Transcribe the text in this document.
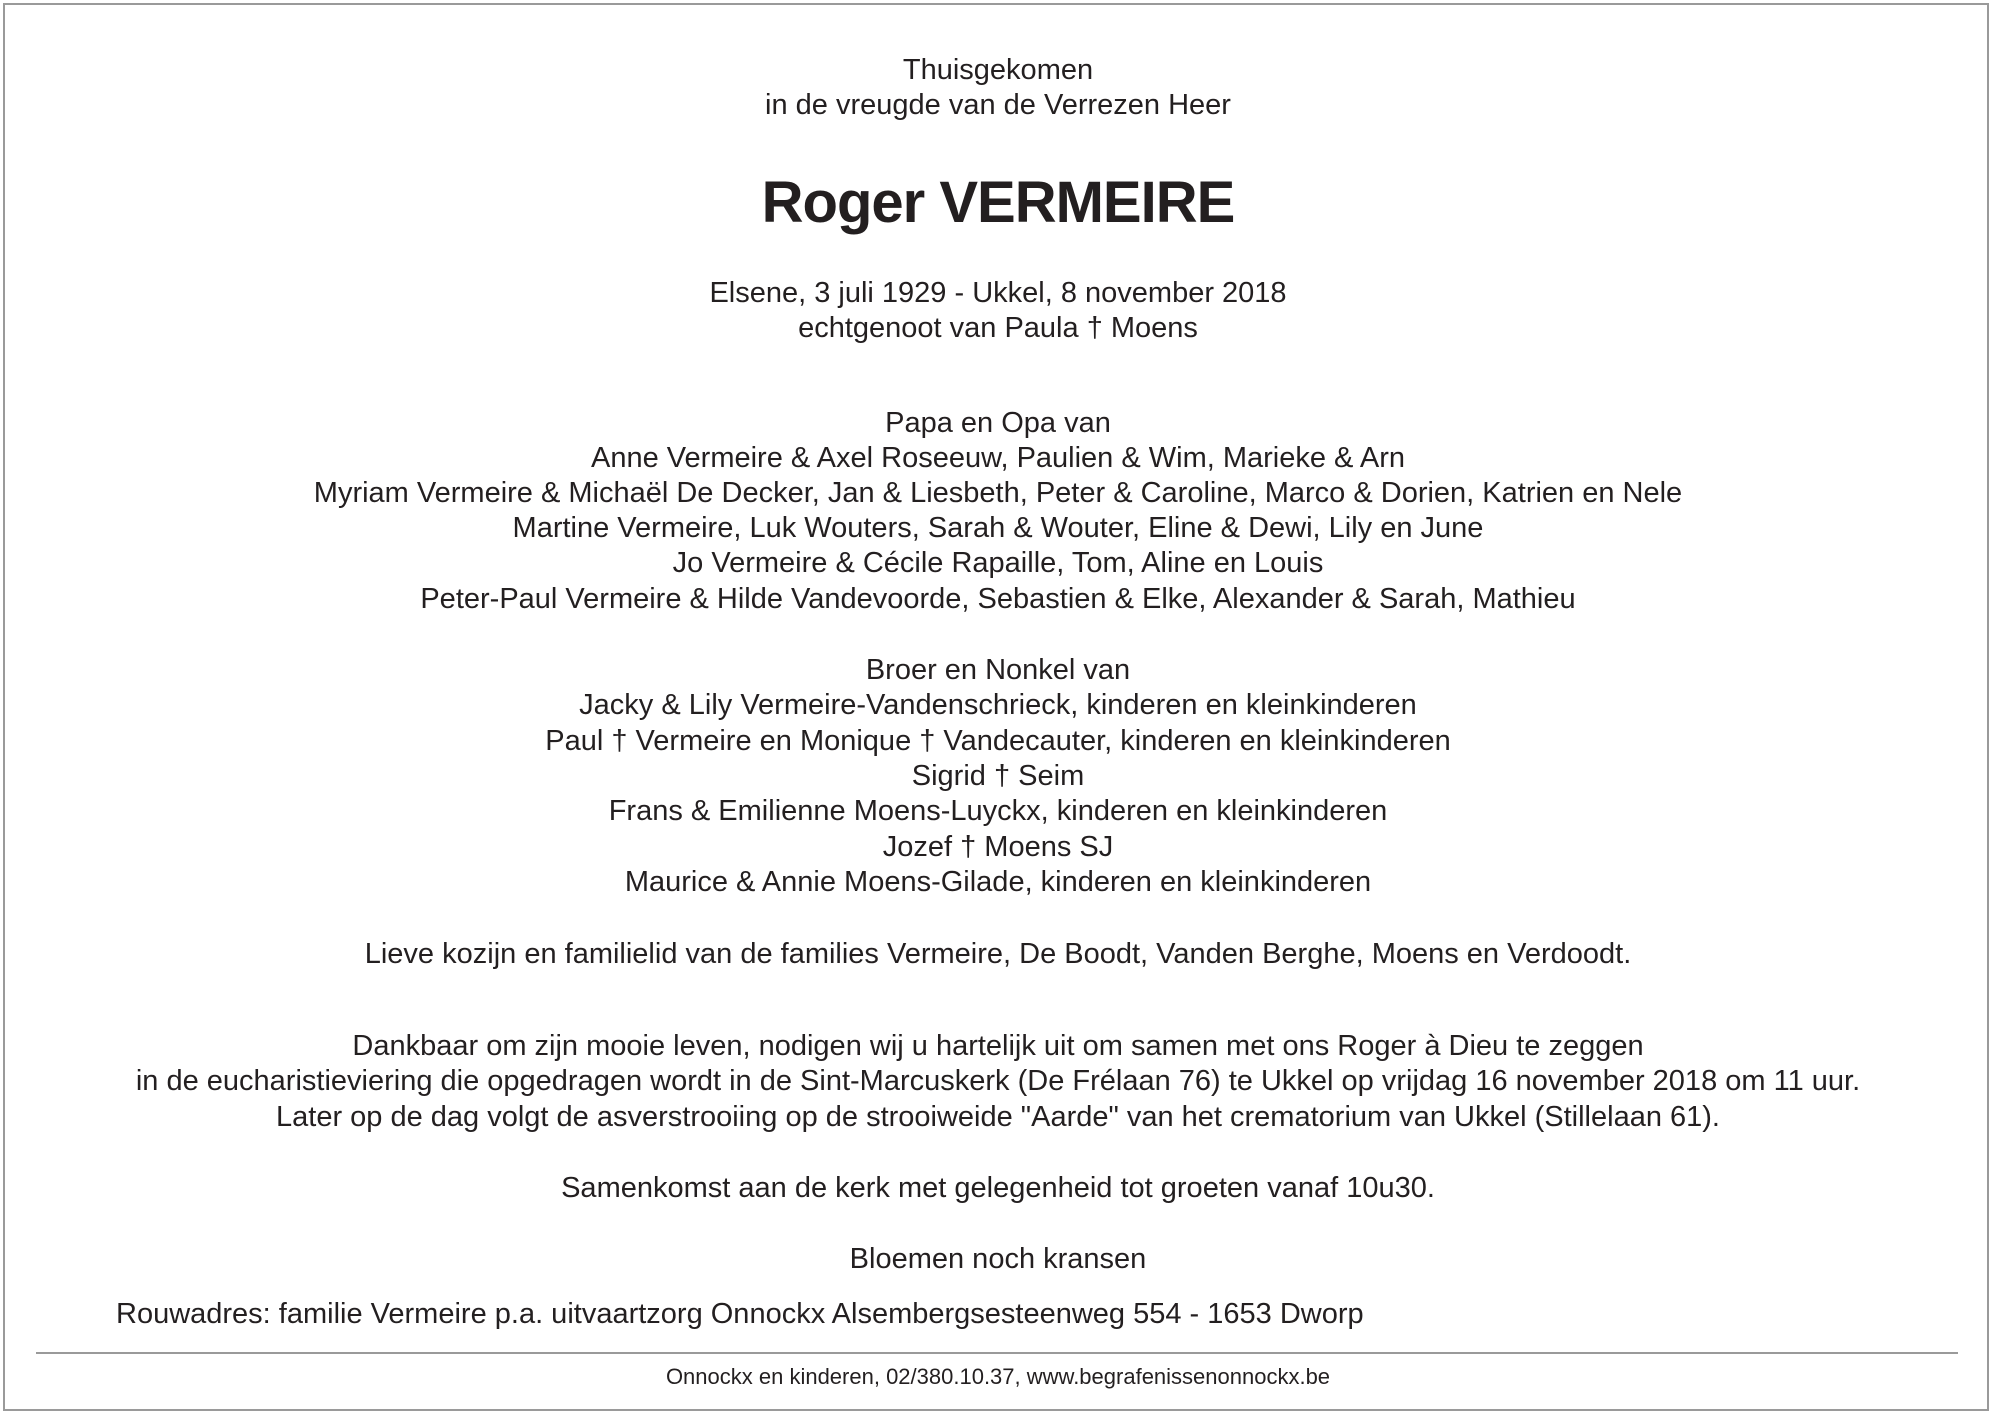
Thuisgekomen
in de vreugde van de Verrezen Heer
Roger VERMEIRE
Elsene, 3 juli 1929 - Ukkel, 8 november 2018
echtgenoot van Paula † Moens
Papa en Opa van
Anne Vermeire & Axel Roseeuw, Paulien & Wim, Marieke & Arn
Myriam Vermeire & Michaël De Decker, Jan & Liesbeth, Peter & Caroline, Marco & Dorien, Katrien en Nele
Martine Vermeire, Luk Wouters, Sarah & Wouter, Eline & Dewi, Lily en June
Jo Vermeire & Cécile Rapaille, Tom, Aline en Louis
Peter-Paul Vermeire & Hilde Vandevoorde, Sebastien & Elke, Alexander & Sarah, Mathieu
Broer en Nonkel van
Jacky & Lily Vermeire-Vandenschrieck, kinderen en kleinkinderen
Paul † Vermeire en Monique † Vandecauter, kinderen en kleinkinderen
Sigrid † Seim
Frans & Emilienne Moens-Luyckx, kinderen en kleinkinderen
Jozef † Moens SJ
Maurice & Annie Moens-Gilade, kinderen en kleinkinderen
Lieve kozijn en familielid van de families Vermeire, De Boodt, Vanden Berghe, Moens en Verdoodt.
Dankbaar om zijn mooie leven, nodigen wij u hartelijk uit om samen met ons Roger à Dieu te zeggen
in de eucharistieviering die opgedragen wordt in de Sint-Marcuskerk (De Frélaan 76) te Ukkel op vrijdag 16 november 2018 om 11 uur.
Later op de dag volgt de asverstrooiing op de strooiweide "Aarde" van het crematorium van Ukkel (Stillelaan 61).
Samenkomst aan de kerk met gelegenheid tot groeten vanaf 10u30.
Bloemen noch kransen
Rouwadres: familie Vermeire p.a. uitvaartzorg Onnockx Alsembergsesteenweg 554 - 1653 Dworp
Onnockx en kinderen, 02/380.10.37, www.begrafenissenonnockx.be
